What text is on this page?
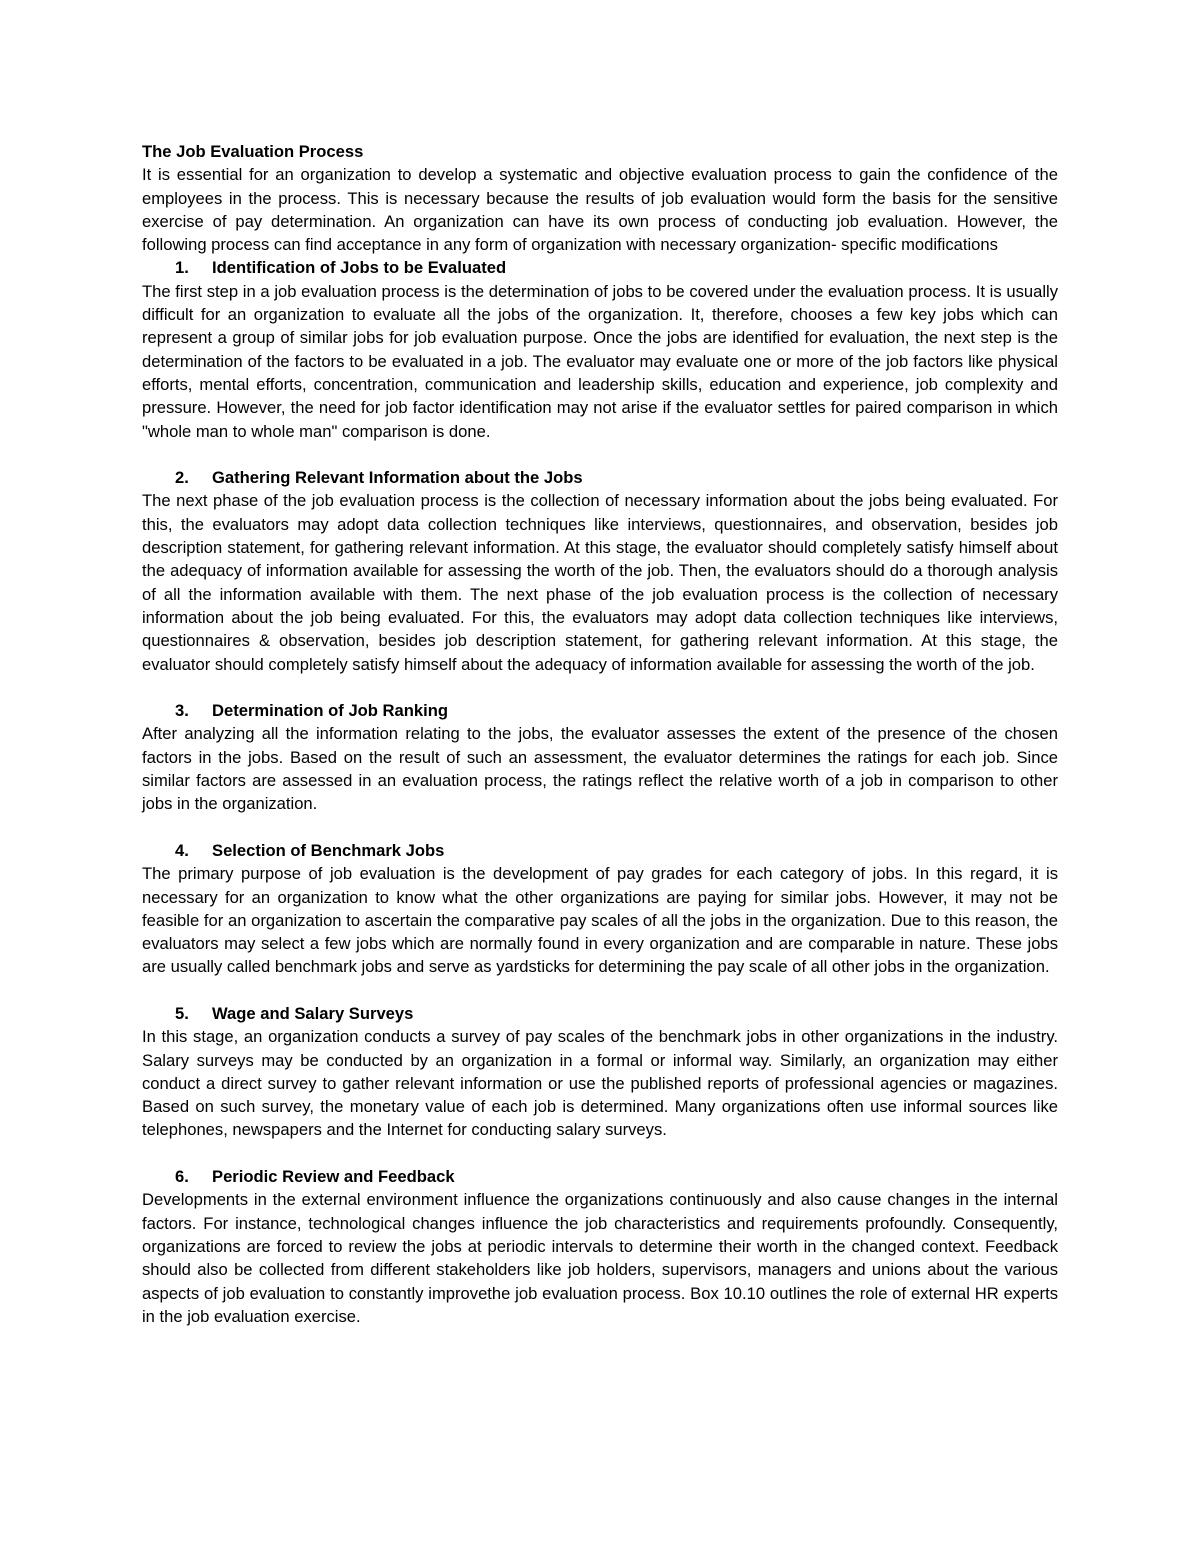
The Job Evaluation Process

It is essential for an organization to develop a systematic and objective evaluation process to gain the confidence of the employees in the process. This is necessary because the results of job evaluation would form the basis for the sensitive exercise of pay determination. An organization can have its own process of conducting job evaluation. However, the following process can find acceptance in any form of organization with necessary organization- specific modifications

1.	Identification of Jobs to be Evaluated

The first step in a job evaluation process is the determination of jobs to be covered under the evaluation process. It is usually difficult for an organization to evaluate all the jobs of the organization. It, therefore, chooses a few key jobs which can represent a group of similar jobs for job evaluation purpose. Once the jobs are identified for evaluation, the next step is the determination of the factors to be evaluated in a job. The evaluator may evaluate one or more of the job factors like physical efforts, mental efforts, concentration, communication and leadership skills, education and experience, job complexity and pressure. However, the need for job factor identification may not arise if the evaluator settles for paired comparison in which "whole man to whole man" comparison is done.

2.	Gathering Relevant Information about the Jobs

The next phase of the job evaluation process is the collection of necessary information about the jobs being evaluated. For this, the evaluators may adopt data collection techniques like interviews, questionnaires, and observation, besides job description statement, for gathering relevant information. At this stage, the evaluator should completely satisfy himself about the adequacy of information available for assessing the worth of the job. Then, the evaluators should do a thorough analysis of all the information available with them. The next phase of the job evaluation process is the collection of necessary information about the job being evaluated. For this, the evaluators may adopt data collection techniques like interviews, questionnaires & observation, besides job description statement, for gathering relevant information. At this stage, the evaluator should completely satisfy himself about the adequacy of information available for assessing the worth of the job.

3.	Determination of Job Ranking

After analyzing all the information relating to the jobs, the evaluator assesses the extent of the presence of the chosen factors in the jobs. Based on the result of such an assessment, the evaluator determines the ratings for each job. Since similar factors are assessed in an evaluation process, the ratings reflect the relative worth of a job in comparison to other jobs in the organization.

4.	Selection of Benchmark Jobs

The primary purpose of job evaluation is the development of pay grades for each category of jobs. In this regard, it is necessary for an organization to know what the other organizations are paying for similar jobs. However, it may not be feasible for an organization to ascertain the comparative pay scales of all the jobs in the organization. Due to this reason, the evaluators may select a few jobs which are normally found in every organization and are comparable in nature. These jobs are usually called benchmark jobs and serve as yardsticks for determining the pay scale of all other jobs in the organization.

5.	Wage and Salary Surveys

In this stage, an organization conducts a survey of pay scales of the benchmark jobs in other organizations in the industry. Salary surveys may be conducted by an organization in a formal or informal way. Similarly, an organization may either conduct a direct survey to gather relevant information or use the published reports of professional agencies or magazines. Based on such survey, the monetary value of each job is determined. Many organizations often use informal sources like telephones, newspapers and the Internet for conducting salary surveys.

6.	Periodic Review and Feedback

Developments in the external environment influence the organizations continuously and also cause changes in the internal factors. For instance, technological changes influence the job characteristics and requirements profoundly. Consequently, organizations are forced to review the jobs at periodic intervals to determine their worth in the changed context. Feedback should also be collected from different stakeholders like job holders, supervisors, managers and unions about the various aspects of job evaluation to constantly improvethe job evaluation process. Box 10.10 outlines the role of external HR experts in the job evaluation exercise.
